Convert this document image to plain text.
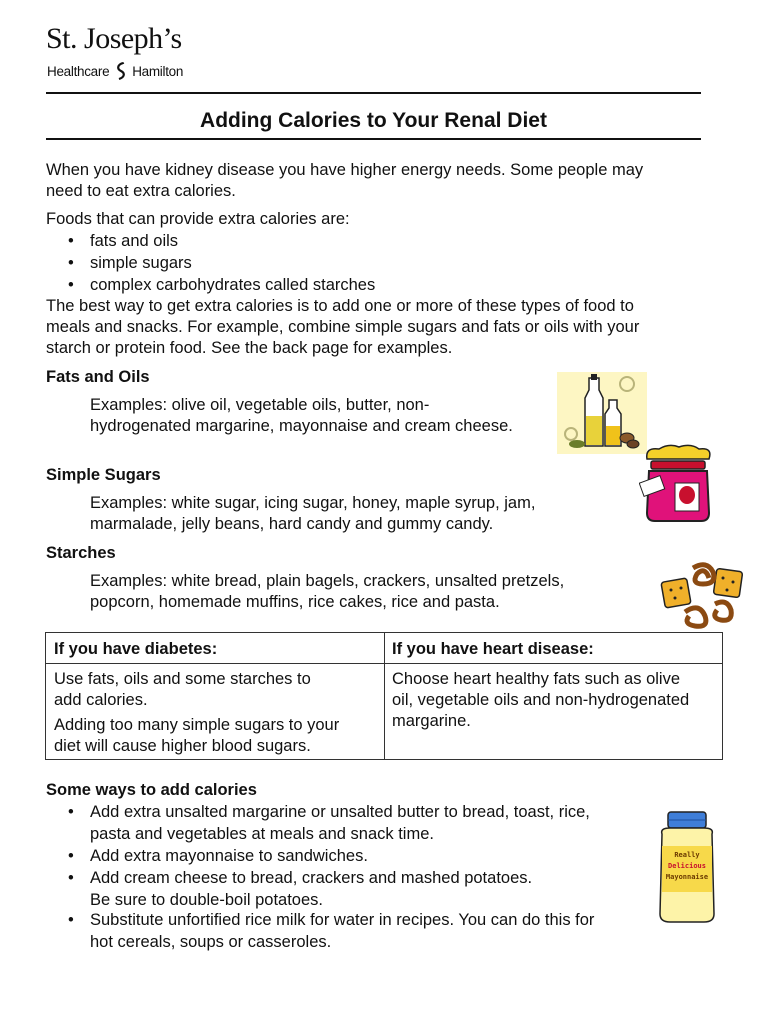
St. Joseph’s
Healthcare Hamilton
Adding Calories to Your Renal Diet
When you have kidney disease you have higher energy needs. Some people may
need to eat extra calories.
Foods that can provide extra calories are:
• fats and oils
• simple sugars
• complex carbohydrates called starches
The best way to get extra calories is to add one or more of these types of food to
meals and snacks. For example, combine simple sugars and fats or oils with your
starch or protein food. See the back page for examples.
Fats and Oils
Examples: olive oil, vegetable oils, butter, non-
hydrogenated margarine, mayonnaise and cream cheese.
Simple Sugars
Examples: white sugar, icing sugar, honey, maple syrup, jam,
marmalade, jelly beans, hard candy and gummy candy.
Starches
Examples: white bread, plain bagels, crackers, unsalted pretzels,
popcorn, homemade muffins, rice cakes, rice and pasta.
If you have diabetes:	If you have heart disease:
Use fats, oils and some starches to
add calories.
Adding too many simple sugars to your
diet will cause higher blood sugars.
Choose heart healthy fats such as olive
oil, vegetable oils and non-hydrogenated
margarine.
Some ways to add calories
• Add extra unsalted margarine or unsalted butter to bread, toast, rice,
pasta and vegetables at meals and snack time.
• Add extra mayonnaise to sandwiches.
• Add cream cheese to bread, crackers and mashed potatoes.
Be sure to double-boil potatoes.
• Substitute unfortified rice milk for water in recipes. You can do this for
hot cereals, soups or casseroles.
Really
Delicious
Mayonnaise
